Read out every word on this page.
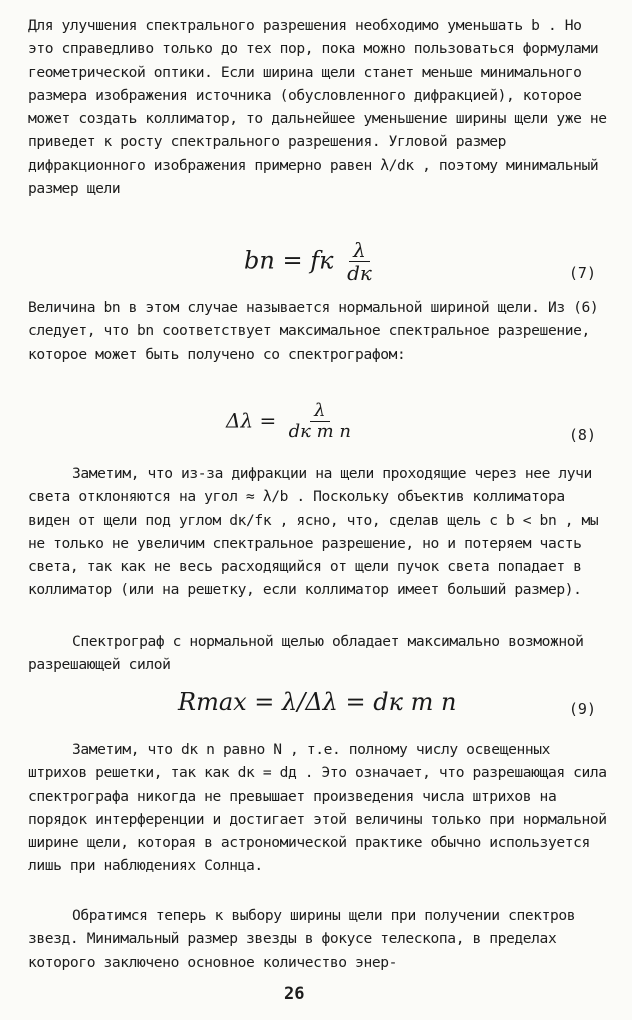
Для улучшения спектрального разрешения необходимо уменьшать b . Но это справедливо только до тех пор, пока можно пользоваться формулами геометрической оптики. Если ширина щели станет меньше минимального размера изображения источника (обусловленного дифракцией), которое может создать коллиматор, то дальнейшее уменьшение ширины щели уже не приведет к росту спектрального разрешения. Угловой размер дифракционного изображения примерно равен λ/dк , поэтому минимальный размер щели
bn = fк $\frac{\lambda}{dк}$	(7)
Величина bn в этом случае называется нормальной шириной щели. Из (6) следует, что bn соответствует максимальное спектральное разрешение, которое может быть получено со спектрографом:
$\Delta\lambda = \frac{\lambda}{\text{dк m n}}$	(8)
Заметим, что из-за дифракции на щели проходящие через нее лучи света отклоняются на угол ≈ λ/b . Поскольку объектив коллиматора виден от щели под углом dк/fк , ясно, что, сделав щель с b < bn , мы не только не увеличим спектральное разрешение, но и потеряем часть света, так как не весь расходящийся от щели пучок света попадает в коллиматор (или на решетку, если коллиматор имеет больший размер).
Спектрограф с нормальной щелью обладает максимально возможной разрешающей силой
Rmax = λ/Δλ = dк m n	(9)
Заметим, что dк n равно N , т.е. полному числу освещенных штрихов решетки, так как dк = dд . Это означает, что разрешающая сила спектрографа никогда не превышает произведения числа штрихов на порядок интерференции и достигает этой величины только при нормальной ширине щели, которая в астрономической практике обычно используется лишь при наблюдениях Солнца.
Обратимся теперь к выбору ширины щели при получении спектров звезд. Минимальный размер звезды в фокусе телескопа, в пределах которого заключено основное количество энер-
26
